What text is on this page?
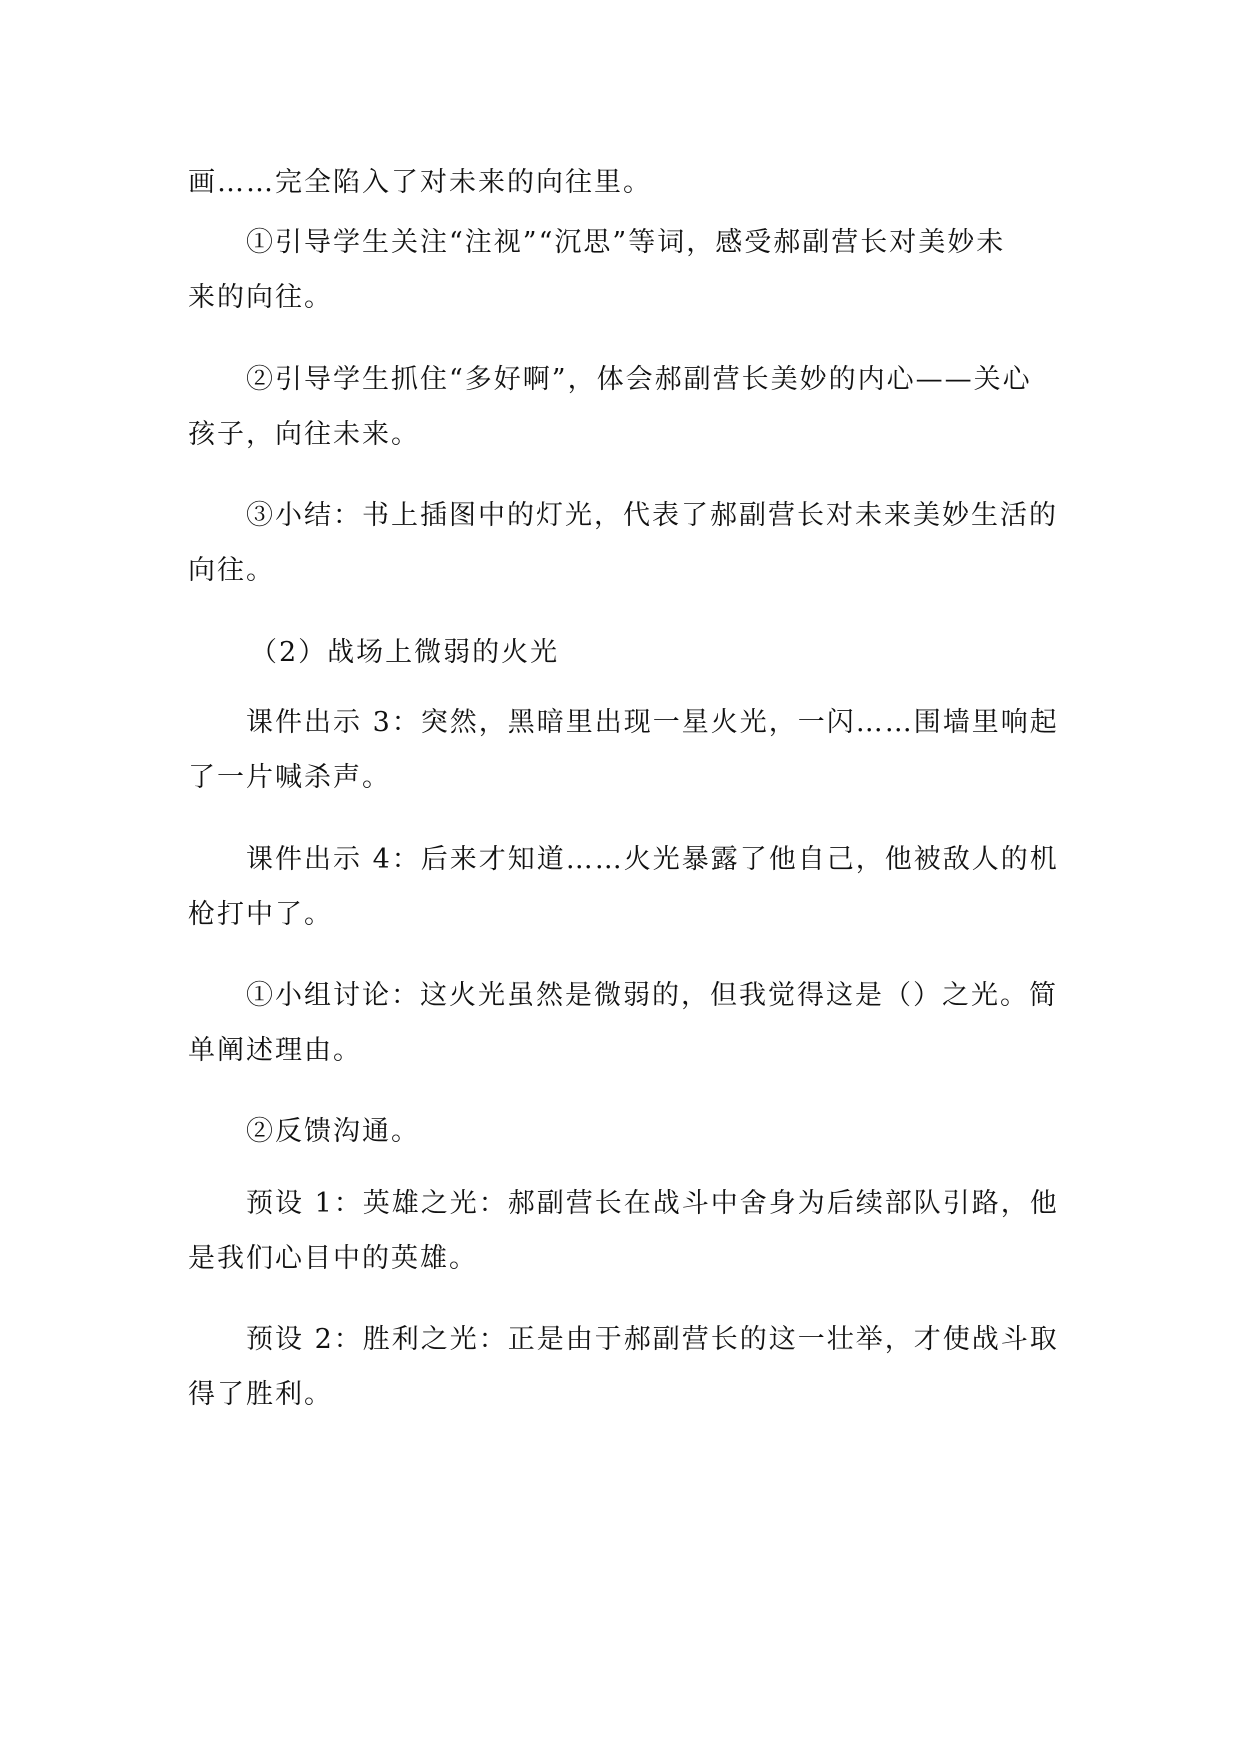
画……完全陷入了对未来的向往里。
①引导学生关注“注视”“沉思”等词，感受郝副营长对美妙未
来的向往。
②引导学生抓住“多好啊”，体会郝副营长美妙的内心——关心
孩子，向往未来。
③小结：书上插图中的灯光，代表了郝副营长对未来美妙生活的
向往。
（2）战场上微弱的火光
课件出示 3：突然，黑暗里出现一星火光，一闪……围墙里响起
了一片喊杀声。
课件出示 4：后来才知道……火光暴露了他自己，他被敌人的机
枪打中了。
①小组讨论：这火光虽然是微弱的，但我觉得这是（）之光。简
单阐述理由。
②反馈沟通。
预设 1：英雄之光：郝副营长在战斗中舍身为后续部队引路，他
是我们心目中的英雄。
预设 2：胜利之光：正是由于郝副营长的这一壮举，才使战斗取
得了胜利。
